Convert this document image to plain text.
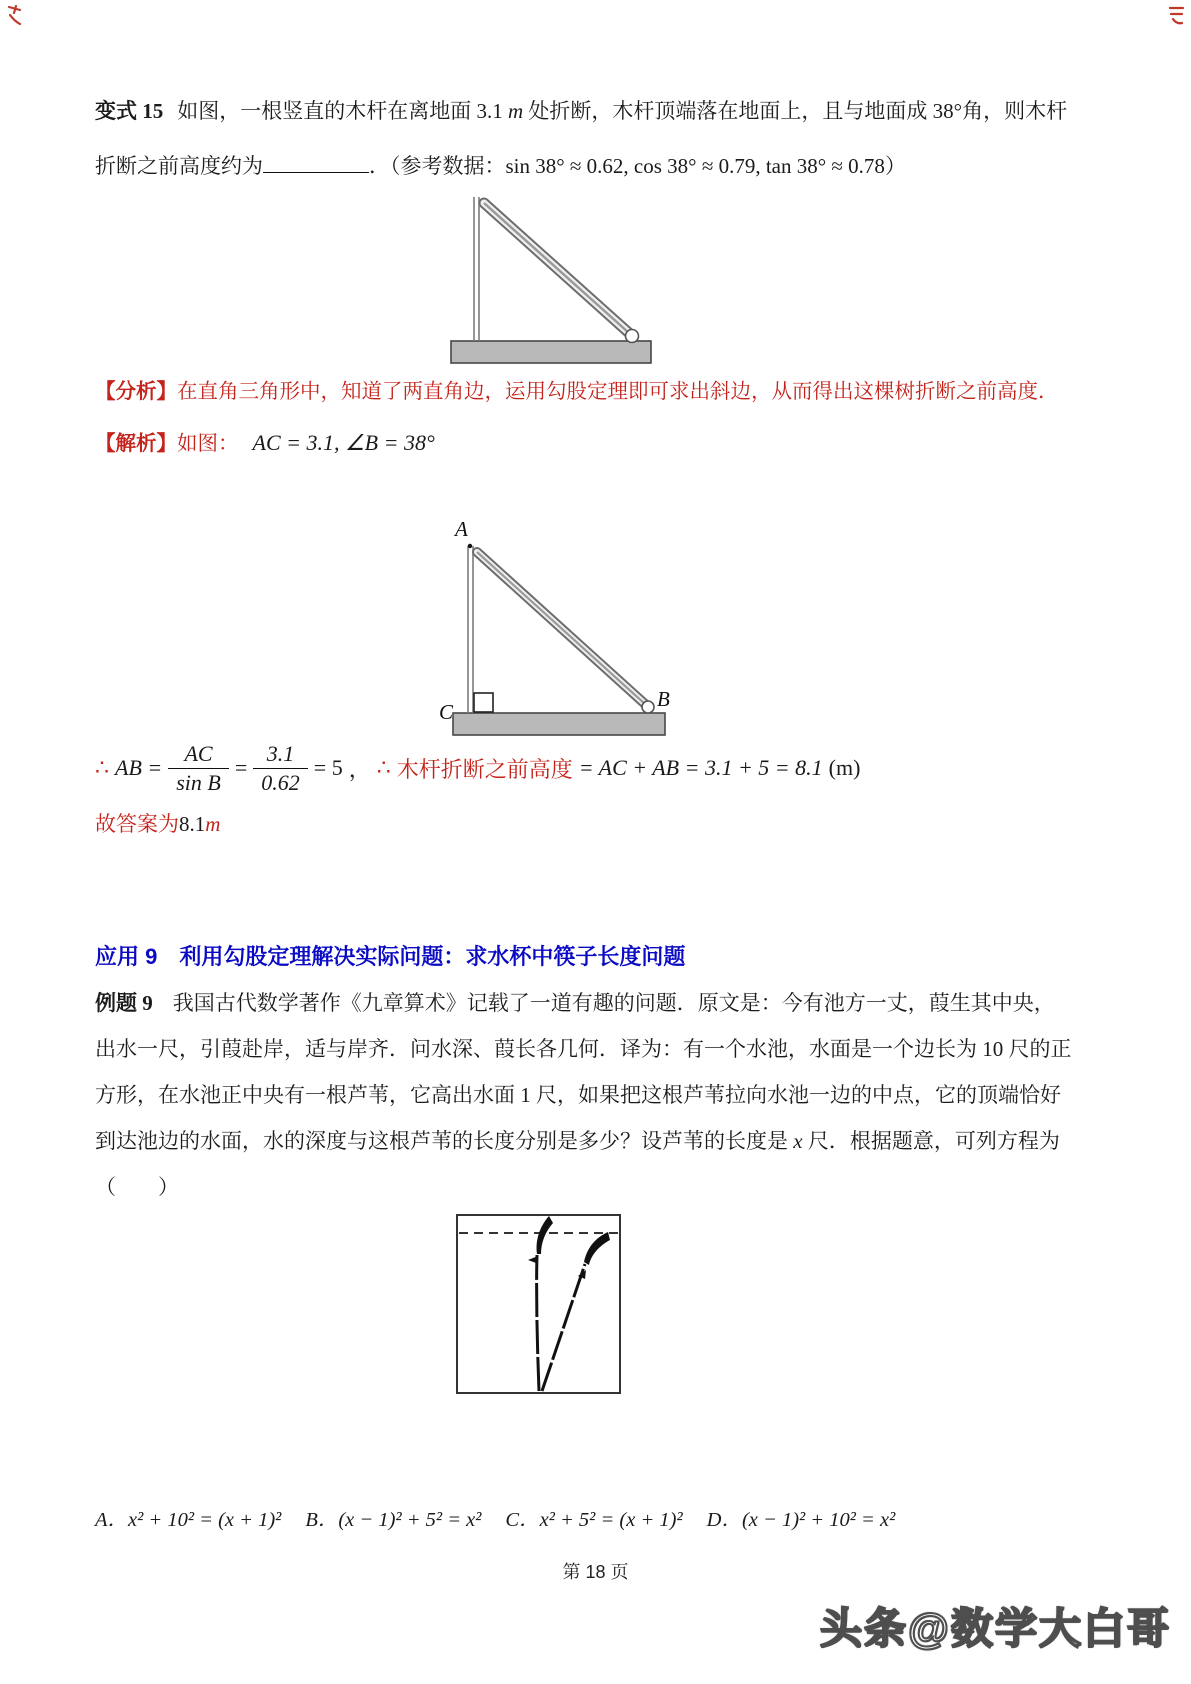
变式 15 如图，一根竖直的木杆在离地面 3.1 m 处折断，木杆顶端落在地面上，且与地面成 38°角，则木杆
折断之前高度约为	．（参考数据：sin 38° ≈ 0.62, cos 38° ≈ 0.79, tan 38° ≈ 0.78）
【分析】在直角三角形中，知道了两直角边，运用勾股定理即可求出斜边，从而得出这棵树折断之前高度．
【解析】如图： AC = 3.1, ∠B = 38°
A
C
B
∴ AB = $\frac{AC}{\text{sin B}} = \frac{3.1}{0.62} = 5$ ， ∴ 木杆折断之前高度 = AC + AB = 3.1 + 5 = 8.1 (m)
故答案为8.1m
应用 9 利用勾股定理解决实际问题：求水杯中筷子长度问题
例题 9 我国古代数学著作《九章算术》记载了一道有趣的问题．原文是：今有池方一丈，葭生其中央，
出水一尺，引葭赴岸，适与岸齐．问水深、葭长各几何．译为：有一个水池，水面是一个边长为 10 尺的正
方形，在水池正中央有一根芦苇，它高出水面 1 尺，如果把这根芦苇拉向水池一边的中点，它的顶端恰好
到达池边的水面，水的深度与这根芦苇的长度分别是多少？设芦苇的长度是 x 尺．根据题意，可列方程为
（　　）
A．x² + 10² = (x + 1)² B．(x − 1)² + 5² = x² C．x² + 5² = (x + 1)² D．(x − 1)² + 10² = x²
第 18 页
头条@数学大白哥
